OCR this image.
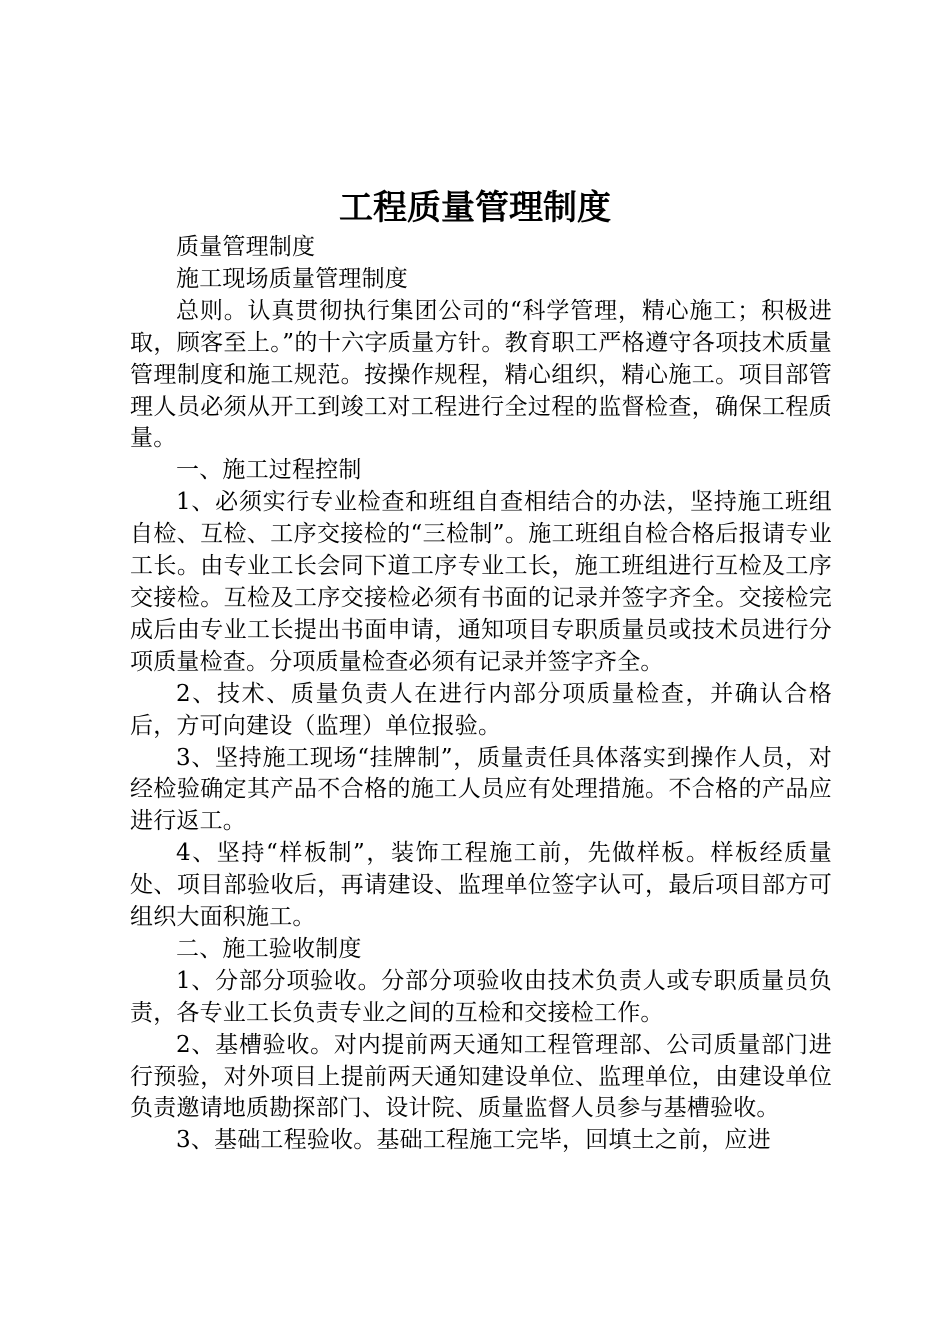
工程质量管理制度

质量管理制度

施工现场质量管理制度

总则。认真贯彻执行集团公司的“科学管理，精心施工；积极进取，顾客至上。”的十六字质量方针。教育职工严格遵守各项技术质量管理制度和施工规范。按操作规程，精心组织，精心施工。项目部管理人员必须从开工到竣工对工程进行全过程的监督检查，确保工程质量。

一、施工过程控制

1、必须实行专业检查和班组自查相结合的办法，坚持施工班组自检、互检、工序交接检的“三检制”。施工班组自检合格后报请专业工长。由专业工长会同下道工序专业工长，施工班组进行互检及工序交接检。互检及工序交接检必须有书面的记录并签字齐全。交接检完成后由专业工长提出书面申请，通知项目专职质量员或技术员进行分项质量检查。分项质量检查必须有记录并签字齐全。

2、技术、质量负责人在进行内部分项质量检查，并确认合格后，方可向建设（监理）单位报验。

3、坚持施工现场“挂牌制”，质量责任具体落实到操作人员，对经检验确定其产品不合格的施工人员应有处理措施。不合格的产品应进行返工。

4、坚持“样板制”，装饰工程施工前，先做样板。样板经质量处、项目部验收后，再请建设、监理单位签字认可，最后项目部方可组织大面积施工。

二、施工验收制度

1、分部分项验收。分部分项验收由技术负责人或专职质量员负责，各专业工长负责专业之间的互检和交接检工作。

2、基槽验收。对内提前两天通知工程管理部、公司质量部门进行预验，对外项目上提前两天通知建设单位、监理单位，由建设单位负责邀请地质勘探部门、设计院、质量监督人员参与基槽验收。

3、基础工程验收。基础工程施工完毕，回填土之前，应进
